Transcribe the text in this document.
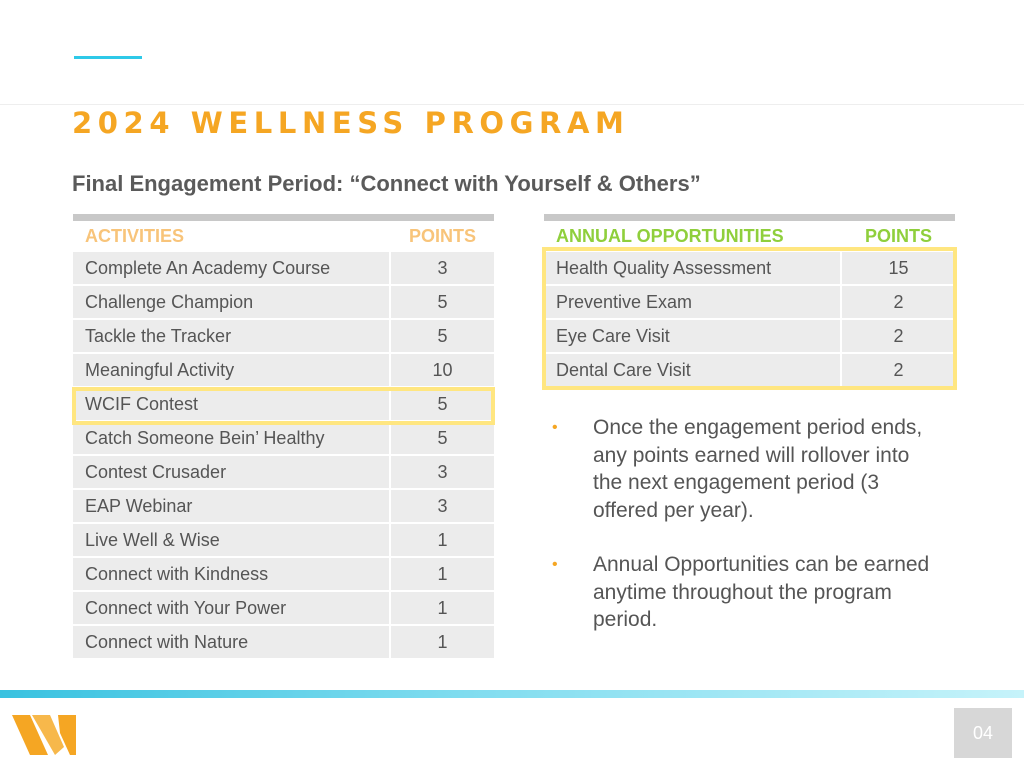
2024 WELLNESS PROGRAM
Final Engagement Period: “Connect with Yourself & Others”
ACTIVITIES	POINTS
Complete An Academy Course	3
Challenge Champion	5
Tackle the Tracker	5
Meaningful Activity	10
WCIF Contest	5
Catch Someone Bein’ Healthy	5
Contest Crusader	3
EAP Webinar	3
Live Well & Wise	1
Connect with Kindness	1
Connect with Your Power	1
Connect with Nature	1
ANNUAL OPPORTUNITIES	POINTS
Health Quality Assessment	15
Preventive Exam	2
Eye Care Visit	2
Dental Care Visit	2
•	Once the engagement period ends, any points earned will rollover into the next engagement period (3 offered per year).
•	Annual Opportunities can be earned anytime throughout the program period.
04
